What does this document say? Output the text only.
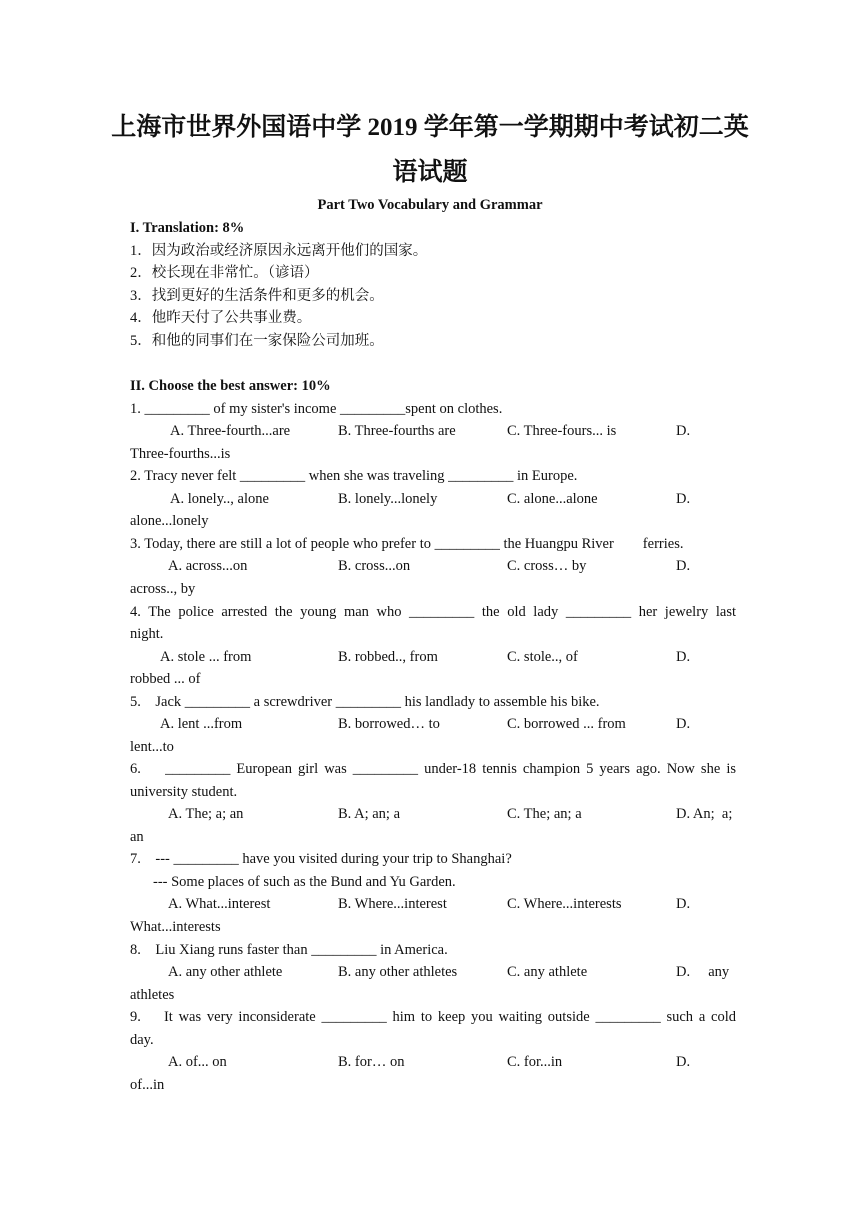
上海市世界外国语中学 2019 学年第一学期期中考试初二英
语试题
Part Two Vocabulary and Grammar
I. Translation: 8%
1．因为政治或经济原因永远离开他们的国家。
2．校长现在非常忙。（谚语）
3．找到更好的生活条件和更多的机会。
4．他昨天付了公共事业费。
5．和他的同事们在一家保险公司加班。
II. Choose the best answer: 10%
1. _________ of my sister's income _________spent on clothes.
A. Three-fourth...are	B. Three-fourths are	C. Three-fours... is	D.
Three-fourths...is
2. Tracy never felt _________ when she was traveling _________ in Europe.
A. lonely.., alone	B. lonely...lonely	C. alone...alone	D.
alone...lonely
3. Today, there are still a lot of people who prefer to _________ the Huangpu River        ferries.
A. across...on	B. cross...on	C. cross… by	D.
across.., by
4. The police arrested the young man who _________ the old lady _________ her jewelry last
night.
A. stole ... from	B. robbed.., from	C. stole.., of	D.
robbed ... of
5.    Jack _________ a screwdriver _________ his landlady to assemble his bike.
A. lent ...from	B. borrowed… to	C. borrowed ... from	D.
lent...to
6.    _________ European girl was _________ under-18 tennis champion 5 years ago. Now she is
university student.
A. The; a; an	B. A; an; a	C. The; an; a	D. An;  a;
an
7.    --- _________ have you visited during your trip to Shanghai?
--- Some places of such as the Bund and Yu Garden.
A. What...interest	B. Where...interest	C. Where...interests	D.
What...interests
8.    Liu Xiang runs faster than _________ in America.
A. any other athlete	B. any other athletes	C. any athlete	D.     any
athletes
9.    It was very inconsiderate _________ him to keep you waiting outside _________ such a cold
day.
A. of... on	B. for… on	C. for...in	D.
of...in
